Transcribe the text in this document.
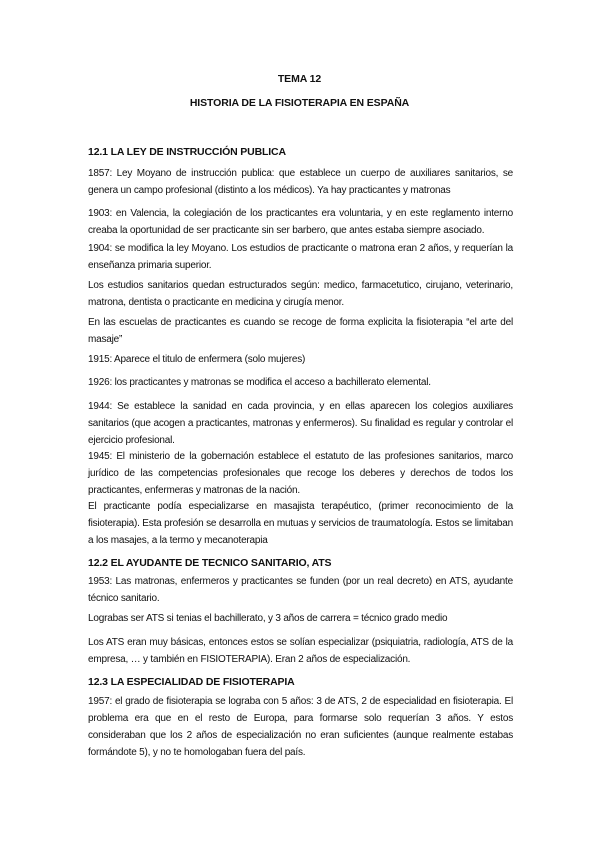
TEMA 12
HISTORIA DE LA FISIOTERAPIA EN ESPAÑA
12.1 LA LEY DE INSTRUCCIÓN PUBLICA

1857: Ley Moyano de instrucción publica: que establece un cuerpo de auxiliares sanitarios, se genera un campo profesional (distinto a los médicos). Ya hay practicantes y matronas

1903: en Valencia, la colegiación de los practicantes era voluntaria, y en este reglamento interno creaba la oportunidad de ser practicante sin ser barbero, que antes estaba siempre asociado.

1904: se modifica la ley Moyano. Los estudios de practicante o matrona eran 2 años, y requerían la enseñanza primaria superior.

Los estudios sanitarios quedan estructurados según: medico, farmacetutico, cirujano, veterinario, matrona, dentista o practicante en medicina y cirugía menor.

En las escuelas de practicantes es cuando se recoge de forma explicita la fisioterapia “el arte del masaje”

1915: Aparece el titulo de enfermera (solo mujeres)

1926: los practicantes y matronas se modifica el acceso a bachillerato elemental.

1944: Se establece la sanidad en cada provincia, y en ellas aparecen los colegios auxiliares sanitarios (que acogen a practicantes, matronas y enfermeros). Su finalidad es regular y controlar el ejercicio profesional.

1945: El ministerio de la gobernación establece el estatuto de las profesiones sanitarios, marco jurídico de las competencias profesionales que recoge los deberes y derechos de todos los practicantes, enfermeras y matronas de la nación.

El practicante podía especializarse en masajista terapéutico, (primer reconocimiento de la fisioterapia). Esta profesión se desarrolla en mutuas y servicios de traumatología. Estos se limitaban a los masajes, a la termo y mecanoterapia

12.2 EL AYUDANTE DE TECNICO SANITARIO, ATS

1953: Las matronas, enfermeros y practicantes se funden (por un real decreto) en ATS, ayudante técnico sanitario.

Lograbas ser ATS si tenias el bachillerato, y 3 años de carrera = técnico grado medio

Los ATS eran muy básicas, entonces estos se solían especializar (psiquiatria, radiología, ATS de la empresa, … y también en FISIOTERAPIA). Eran 2 años de especialización.

12.3 LA ESPECIALIDAD DE FISIOTERAPIA

1957: el grado de fisioterapia se lograba con 5 años: 3 de ATS, 2 de especialidad en fisioterapia. El problema era que en el resto de Europa, para formarse solo requerían 3 años. Y estos consideraban que los 2 años de especialización no eran suficientes (aunque realmente estabas formándote 5), y no te homologaban fuera del país.
